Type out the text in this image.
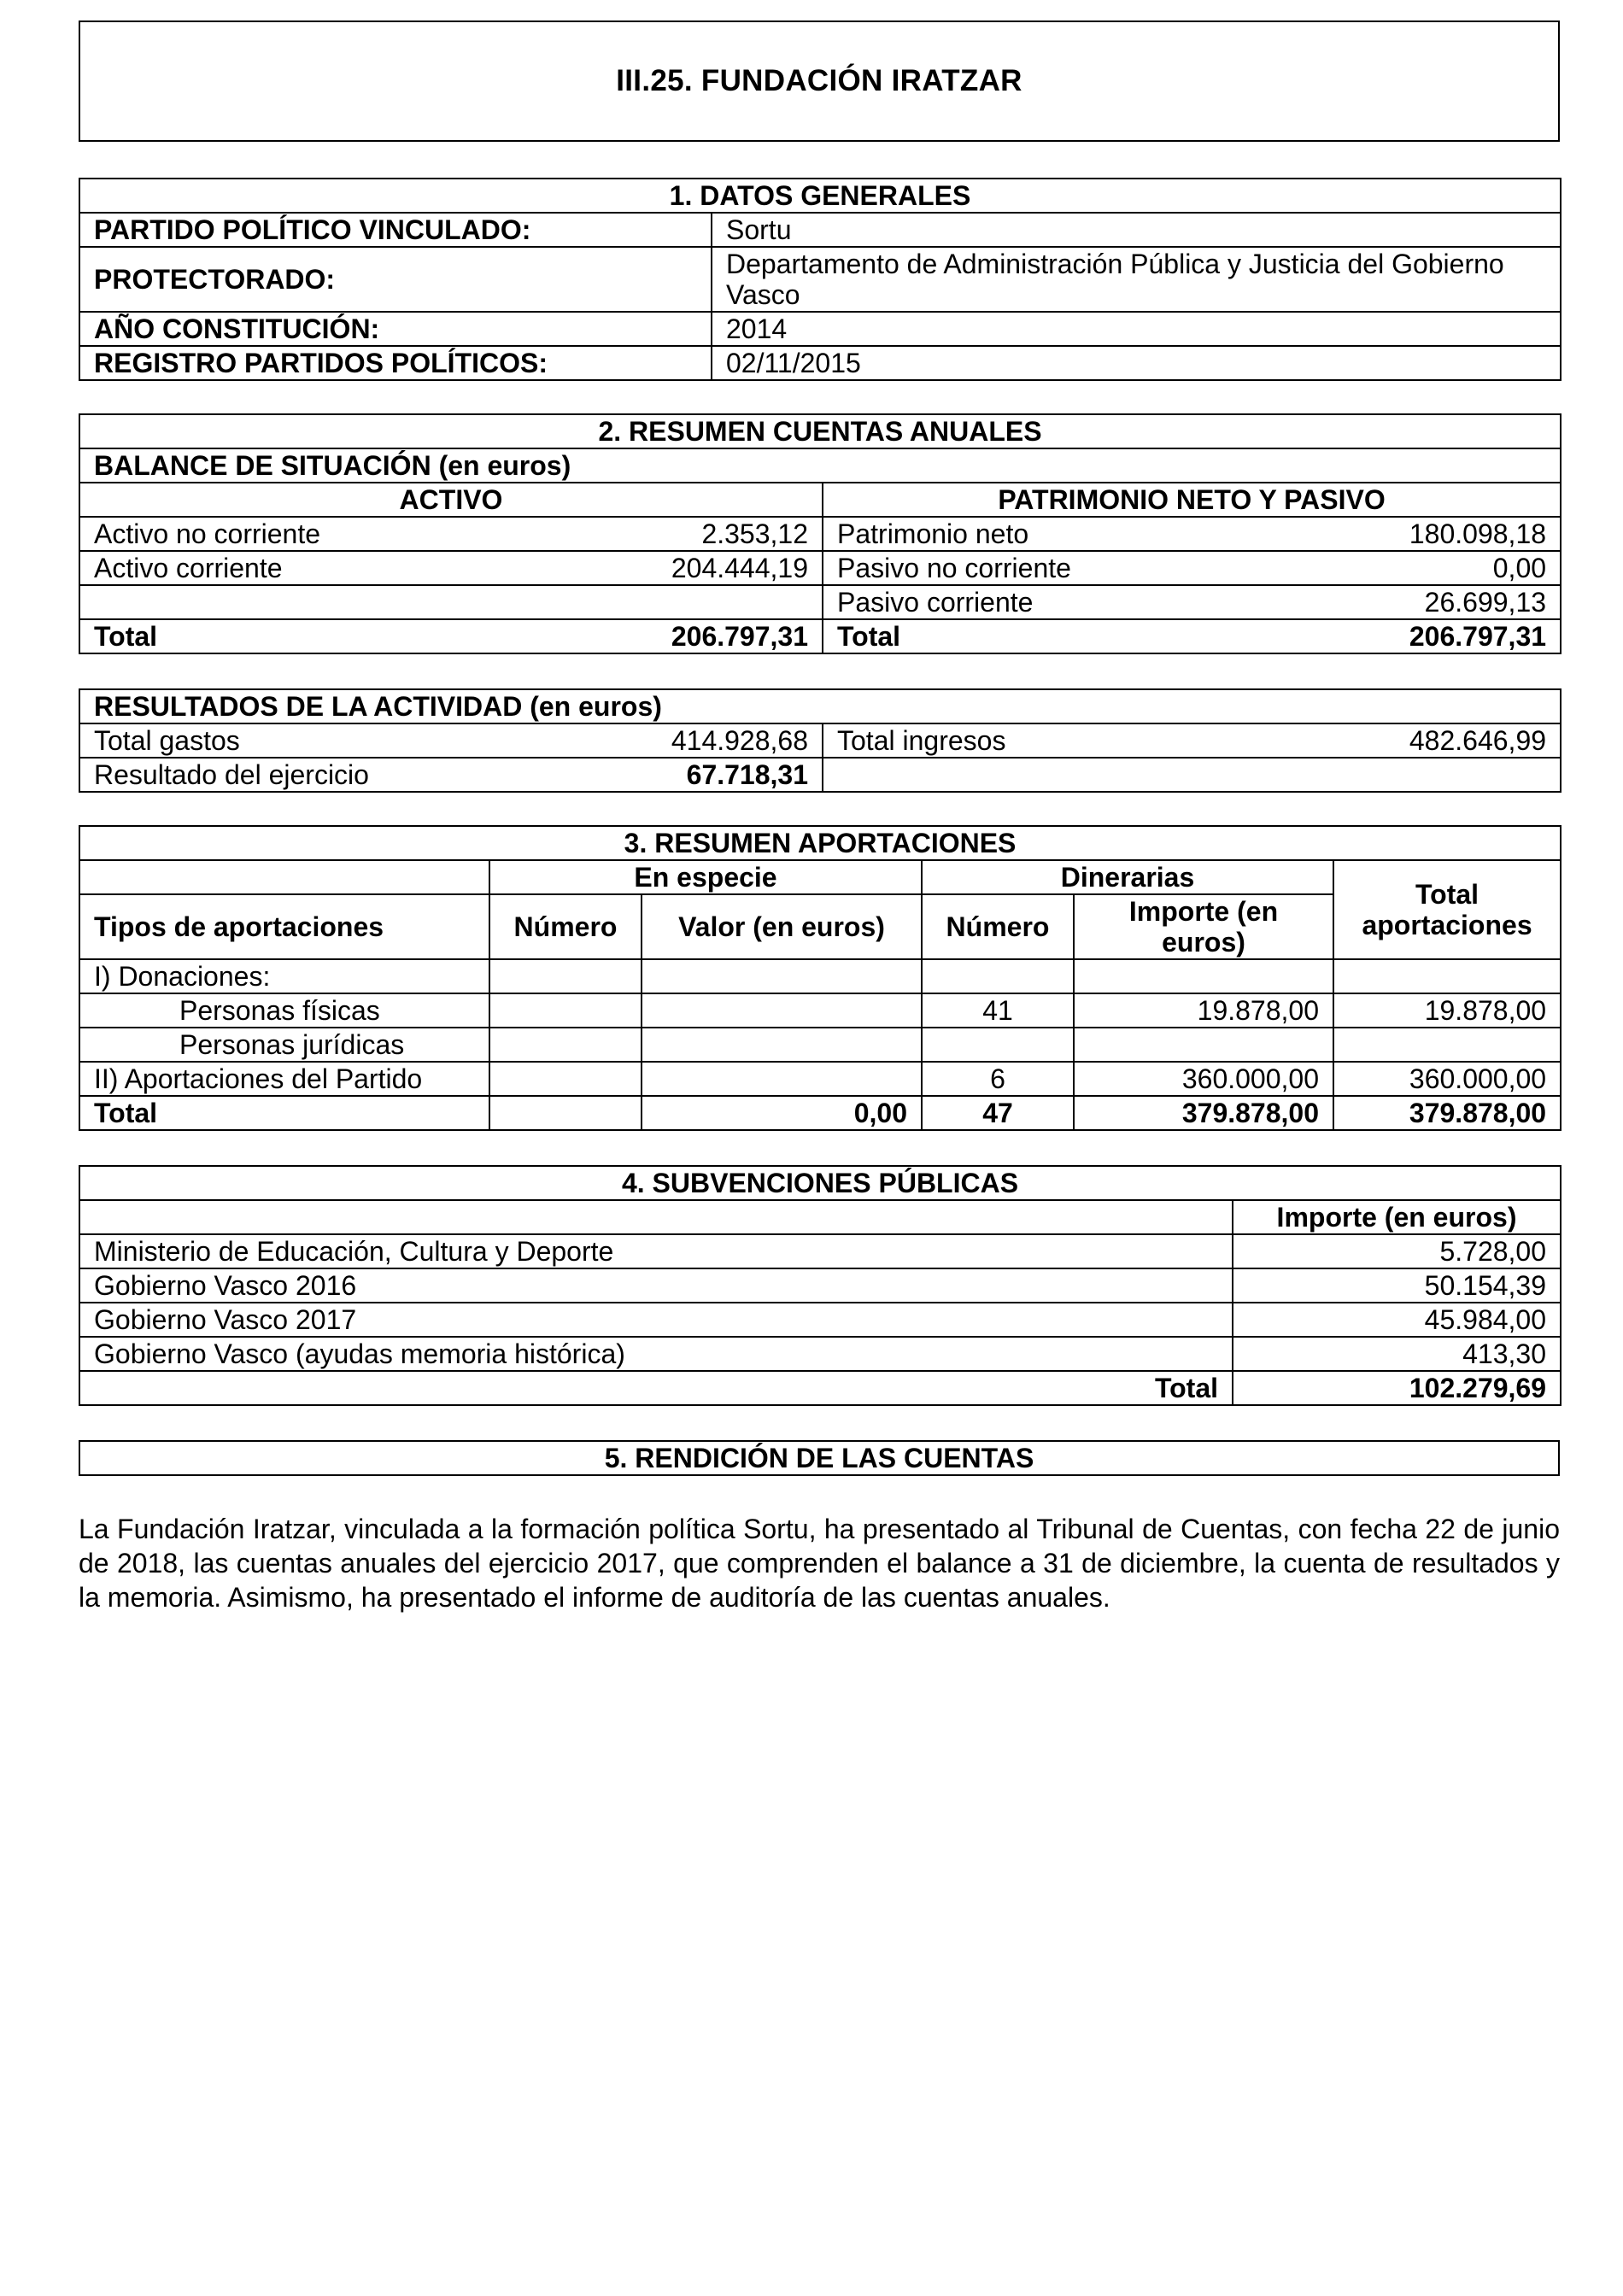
III.25. FUNDACIÓN IRATZAR
1. DATOS GENERALES	
PARTIDO POLÍTICO VINCULADO:	Sortu
PROTECTORADO:	Departamento de Administración Pública y Justicia del Gobierno Vasco
AÑO CONSTITUCIÓN:	2014
REGISTRO PARTIDOS POLÍTICOS:	02/11/2015
2. RESUMEN CUENTAS ANUALES			
BALANCE DE SITUACIÓN (en euros)			
ACTIVO		PATRIMONIO NETO Y PASIVO	
Activo no corriente	2.353,12	Patrimonio neto	180.098,18
Activo corriente	204.444,19	Pasivo no corriente	0,00
		Pasivo corriente	26.699,13
Total	206.797,31	Total	206.797,31
RESULTADOS DE LA ACTIVIDAD (en euros)			
Total gastos	414.928,68	Total ingresos	482.646,99
Resultado del ejercicio	67.718,31		
3. RESUMEN APORTACIONES					
	En especie		Dinerarias		Total aportaciones
Tipos de aportaciones	Número	Valor (en euros)	Número	Importe (en euros)	
I) Donaciones:					
Personas físicas			41	19.878,00	19.878,00
Personas jurídicas					
II) Aportaciones del Partido			6	360.000,00	360.000,00
Total		0,00	47	379.878,00	379.878,00
4. SUBVENCIONES PÚBLICAS	
	Importe (en euros)
Ministerio de Educación, Cultura y Deporte	5.728,00
Gobierno Vasco 2016	50.154,39
Gobierno Vasco 2017	45.984,00
Gobierno Vasco (ayudas memoria histórica)	413,30
Total	102.279,69
5. RENDICIÓN DE LAS CUENTAS
La Fundación Iratzar, vinculada a la formación política Sortu, ha presentado al Tribunal de Cuentas, con fecha 22 de junio de 2018, las cuentas anuales del ejercicio 2017, que comprenden el balance a 31 de diciembre, la cuenta de resultados y la memoria. Asimismo, ha presentado el informe de auditoría de las cuentas anuales.
